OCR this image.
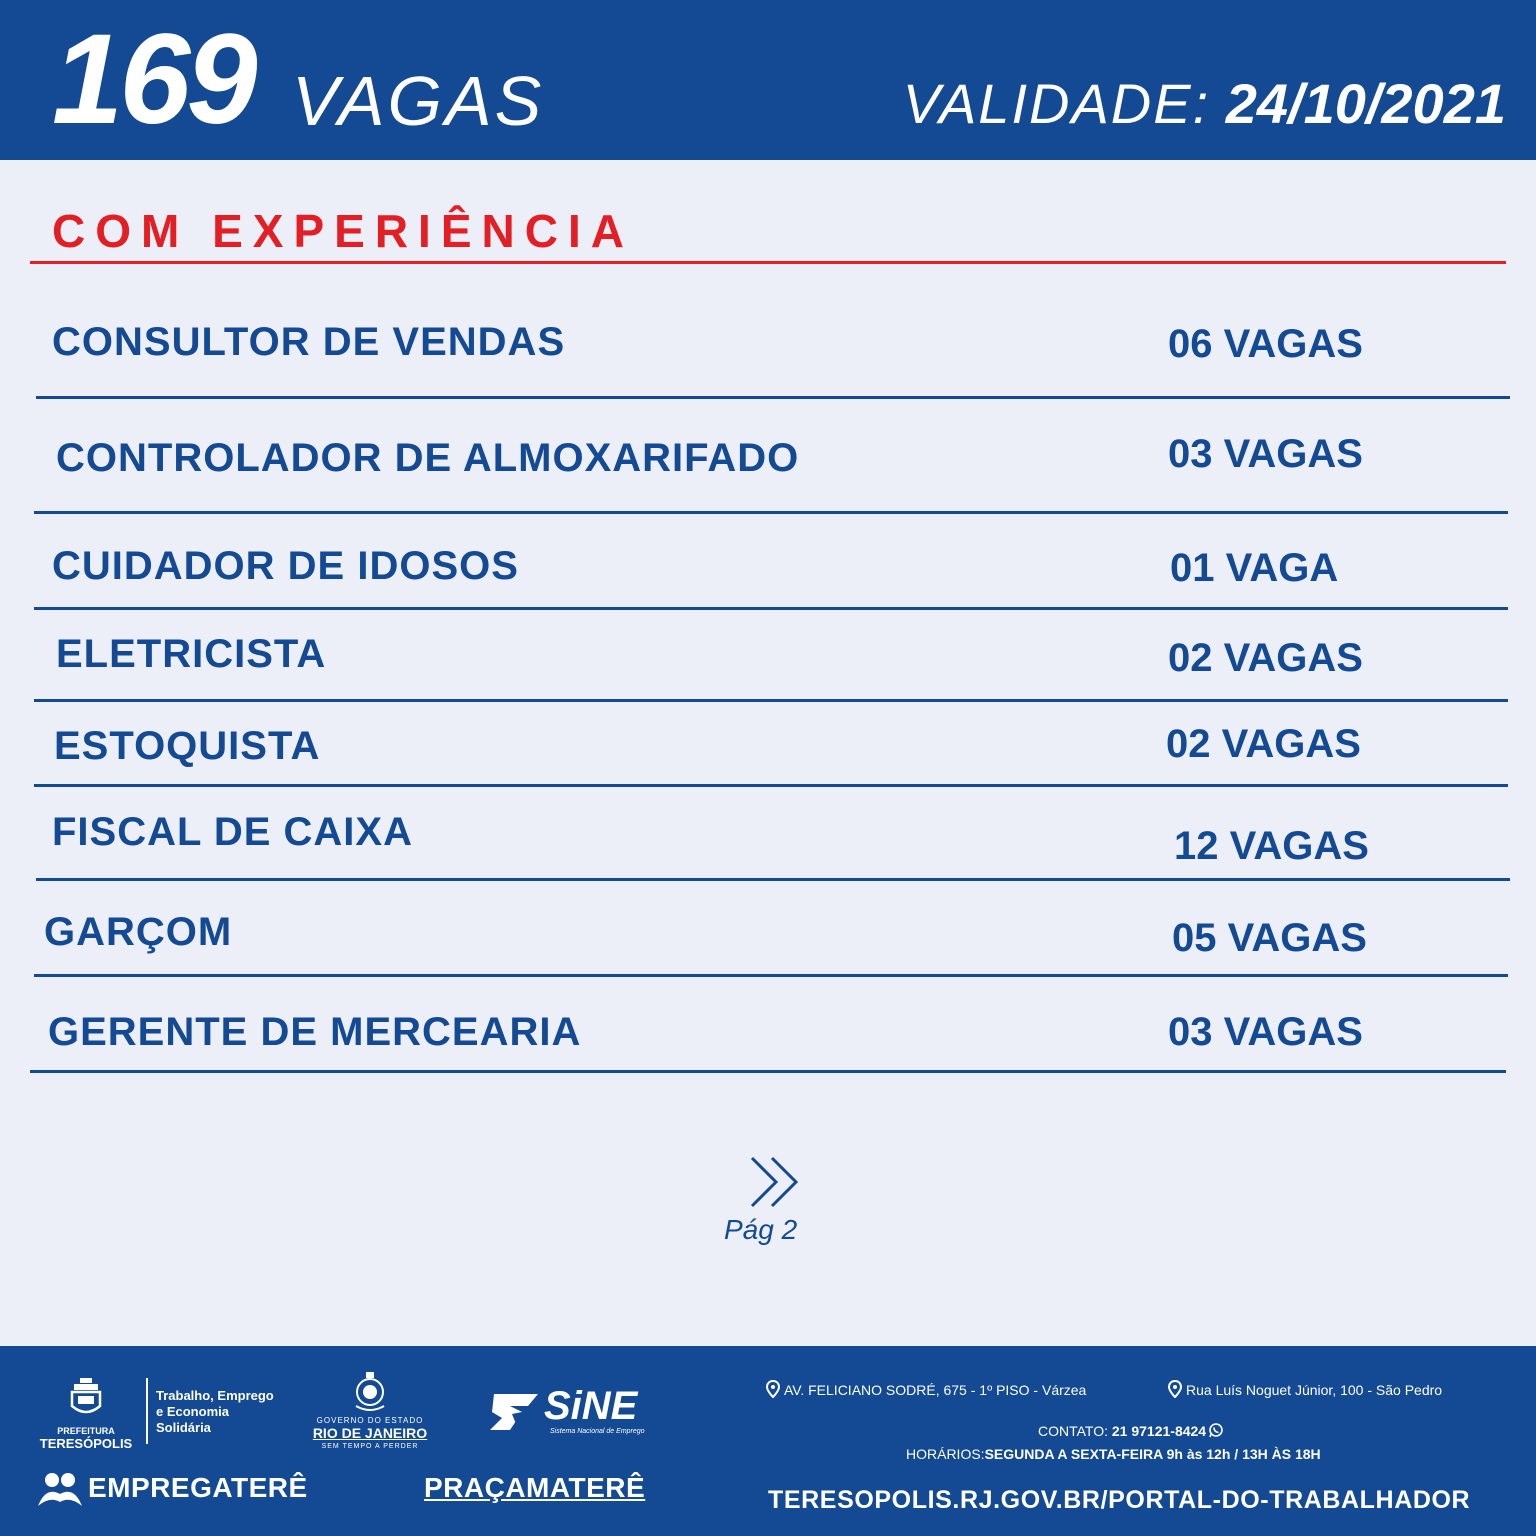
169 VAGAS	VALIDADE: 24/10/2021
COM EXPERIÊNCIA
CONSULTOR DE VENDAS	06 VAGAS
CONTROLADOR DE ALMOXARIFADO	03 VAGAS
CUIDADOR DE IDOSOS	01 VAGA
ELETRICISTA	02 VAGAS
ESTOQUISTA	02 VAGAS
FISCAL DE CAIXA	12 VAGAS
GARÇOM	05 VAGAS
GERENTE DE MERCEARIA	03 VAGAS
Pág 2
PREFEITURA
TERESÓPOLIS
Trabalho, Emprego
e Economia
Solidária	GOVERNO DO ESTADO
RIO DE JANEIRO
SEM TEMPO A PERDER
SiNE
Sistema Nacional de Emprego
EMPREGATERÊ	PRAÇAMATERÊ
AV. FELICIANO SODRÉ, 675 - 1º PISO - Várzea	Rua Luís Noguet Júnior, 100 - São Pedro
CONTATO: 21 97121-8424
HORÁRIOS:SEGUNDA A SEXTA-FEIRA 9h às 12h / 13H ÀS 18H
TERESOPOLIS.RJ.GOV.BR/PORTAL-DO-TRABALHADOR
